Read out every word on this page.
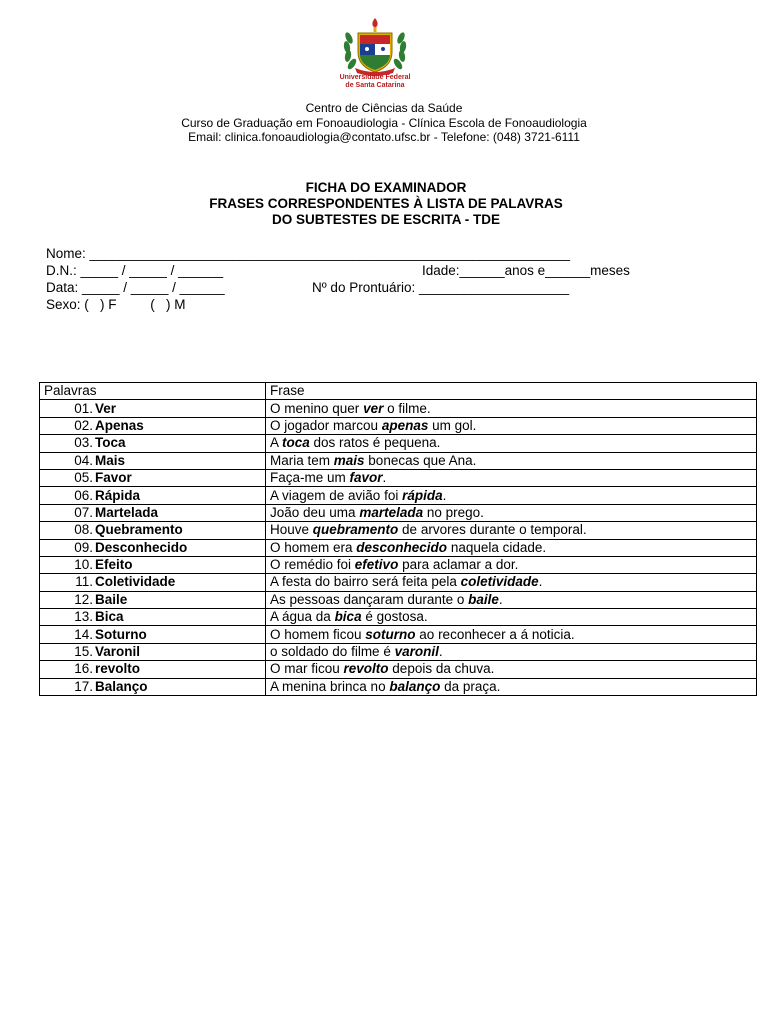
Universidade Federal
de Santa Catarina
Centro de Ciências da Saúde
Curso de Graduação em Fonoaudiologia - Clínica Escola de Fonoaudiologia
Email: clinica.fonoaudiologia@contato.ufsc.br - Telefone: (048) 3721-6111
FICHA DO EXAMINADOR
FRASES CORRESPONDENTES À LISTA DE PALAVRAS
DO SUBTESTES DE ESCRITA - TDE

Nome: ________________________________________________________________

D.N.: _____ / _____ / ______

	Idade:______anos e______meses

Data: _____ / _____ / ______

	Nº do Prontuário: ____________________

Sexo: (   ) F         (   ) M

Palavras	Frase
01. Ver	O menino quer ver o filme.
02. Apenas	O jogador marcou apenas um gol.
03. Toca	A toca dos ratos é pequena.
04. Mais	Maria tem mais bonecas que Ana.
05. Favor	Faça-me um favor.
06. Rápida	A viagem de avião foi rápida.
07. Martelada	João deu uma martelada no prego.
08. Quebramento	Houve quebramento de arvores durante o temporal.
09. Desconhecido	O homem era desconhecido naquela cidade.
10. Efeito	O remédio foi efetivo para aclamar a dor.
11. Coletividade	A festa do bairro será feita pela coletividade.
12. Baile	As pessoas dançaram durante o baile.
13. Bica	A água da bica é gostosa.
14. Soturno	O homem ficou soturno ao reconhecer a á noticia.
15. Varonil	o soldado do filme é varonil.
16. revolto	O mar ficou revolto depois da chuva.
17. Balanço	A menina brinca no balanço da praça.
